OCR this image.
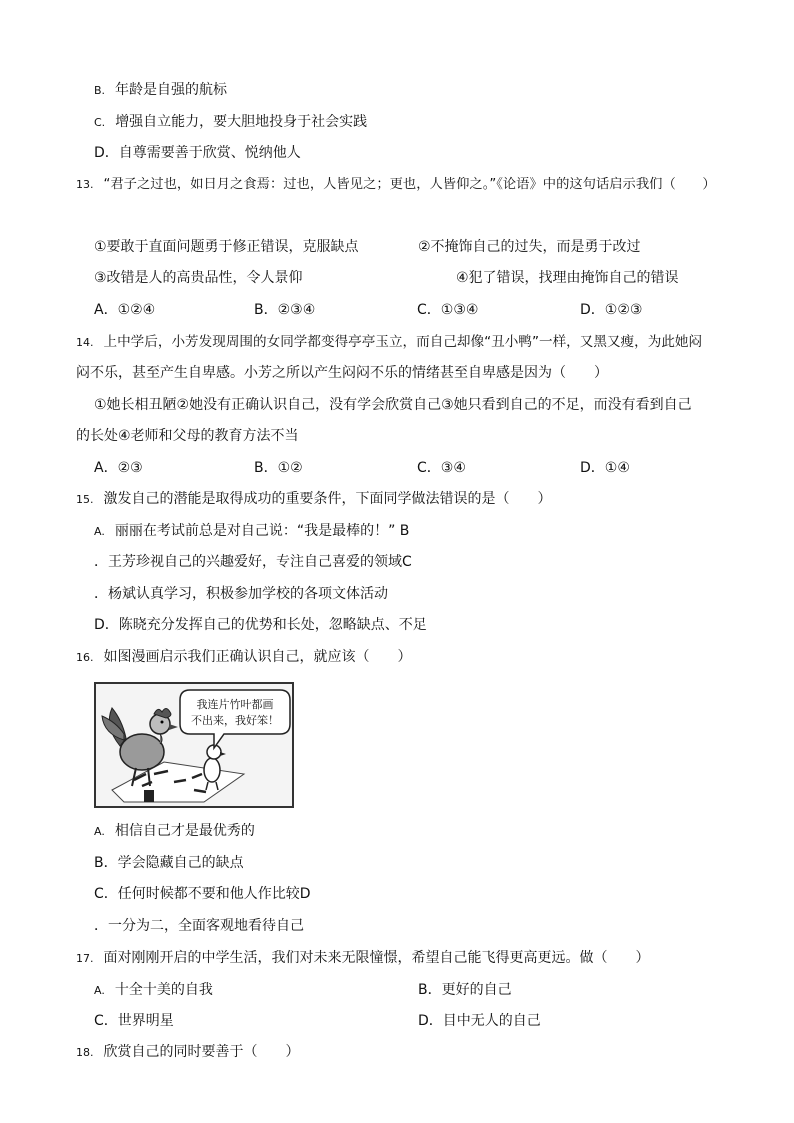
B. 年龄是自强的航标
C. 增强自立能力，要大胆地投身于社会实践
D．自尊需要善于欣赏、悦纳他人
13. “君子之过也，如日月之食焉：过也，人皆见之；更也，人皆仰之。”《论语》中的这句话启示我们（　　）
①要敢于直面问题勇于修正错误，克服缺点	②不掩饰自己的过失，而是勇于改过
③改错是人的高贵品性，令人景仰	④犯了错误，找理由掩饰自己的错误
A．①②④	B．②③④	C．①③④	D．①②③
14. 上中学后，小芳发现周围的女同学都变得亭亭玉立，而自己却像“丑小鸭”一样，又黑又瘦，为此她闷
闷不乐，甚至产生自卑感。小芳之所以产生闷闷不乐的情绪甚至自卑感是因为（　　）
①她长相丑陋②她没有正确认识自己，没有学会欣赏自己③她只看到自己的不足，而没有看到自己
的长处④老师和父母的教育方法不当
A．②③	B．①②	C．③④	D．①④
15. 激发自己的潜能是取得成功的重要条件，下面同学做法错误的是（　　）
A. 丽丽在考试前总是对自己说：“我是最棒的！” B
．王芳珍视自己的兴趣爱好，专注自己喜爱的领域C
．杨斌认真学习，积极参加学校的各项文体活动
D．陈晓充分发挥自己的优势和长处，忽略缺点、不足
16. 如图漫画启示我们正确认识自己，就应该（　　）
我连片竹叶都画
不出来，我好笨！
A. 相信自己才是最优秀的
B．学会隐藏自己的缺点
C．任何时候都不要和他人作比较D
．一分为二，全面客观地看待自己
17. 面对刚刚开启的中学生活，我们对未来无限憧憬，希望自己能飞得更高更远。做（　　）
A. 十全十美的自我	B．更好的自己
C．世界明星	D．目中无人的自己
18. 欣赏自己的同时要善于（　　）
